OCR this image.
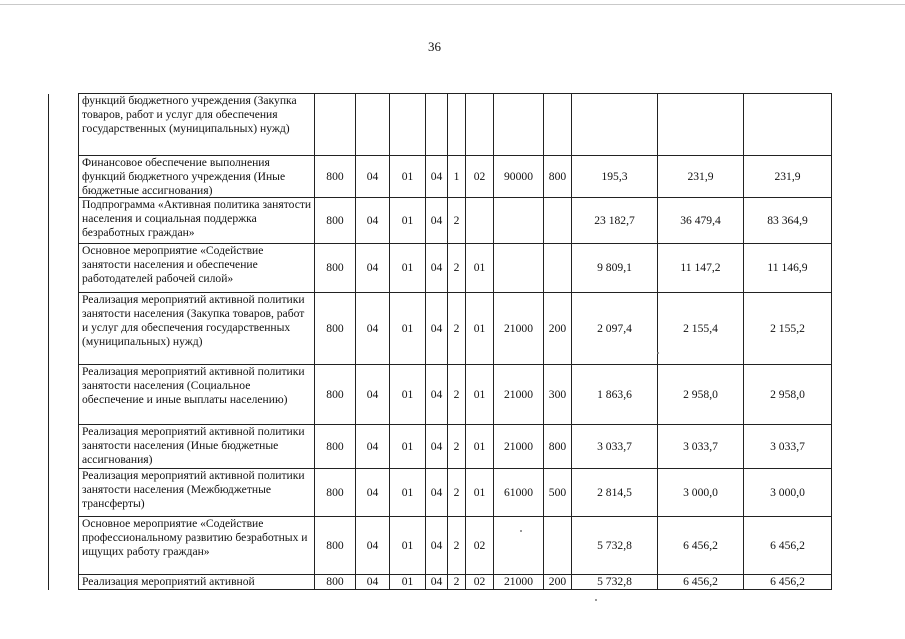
36
	функций бюджетного учреждения (Закупка товаров, работ и услуг для обеспечения государственных (муниципальных) нужд)											
	Финансовое обеспечение выполнения функций бюджетного учреждения (Иные бюджетные ассигнования)	800	04	01	04	1	02	90000	800	195,3	231,9	231,9
	Подпрограмма «Активная политика занятости населения и социальная поддержка безработных граждан»	800	04	01	04	2				23 182,7	36 479,4	83 364,9
	Основное мероприятие «Содействие занятости населения и обеспечение работодателей рабочей силой»	800	04	01	04	2	01			9 809,1	11 147,2	11 146,9
	Реализация мероприятий активной политики занятости населения (Закупка товаров, работ и услуг для обеспечения государственных (муниципальных) нужд)	800	04	01	04	2	01	21000	200	2 097,4	2 155,4	2 155,2
	Реализация мероприятий активной политики занятости населения (Социальное обеспечение и иные выплаты населению)	800	04	01	04	2	01	21000	300	1 863,6	2 958,0	2 958,0
	Реализация мероприятий активной политики занятости населения (Иные бюджетные ассигнования)	800	04	01	04	2	01	21000	800	3 033,7	3 033,7	3 033,7
	Реализация мероприятий активной политики занятости населения (Межбюджетные трансферты)	800	04	01	04	2	01	61000	500	2 814,5	3 000,0	3 000,0
	Основное мероприятие «Содействие профессиональному развитию безработных и ищущих работу граждан»	800	04	01	04	2	02			5 732,8	6 456,2	6 456,2
	Реализация мероприятий активной	800	04	01	04	2	02	21000	200	5 732,8	6 456,2	6 456,2
